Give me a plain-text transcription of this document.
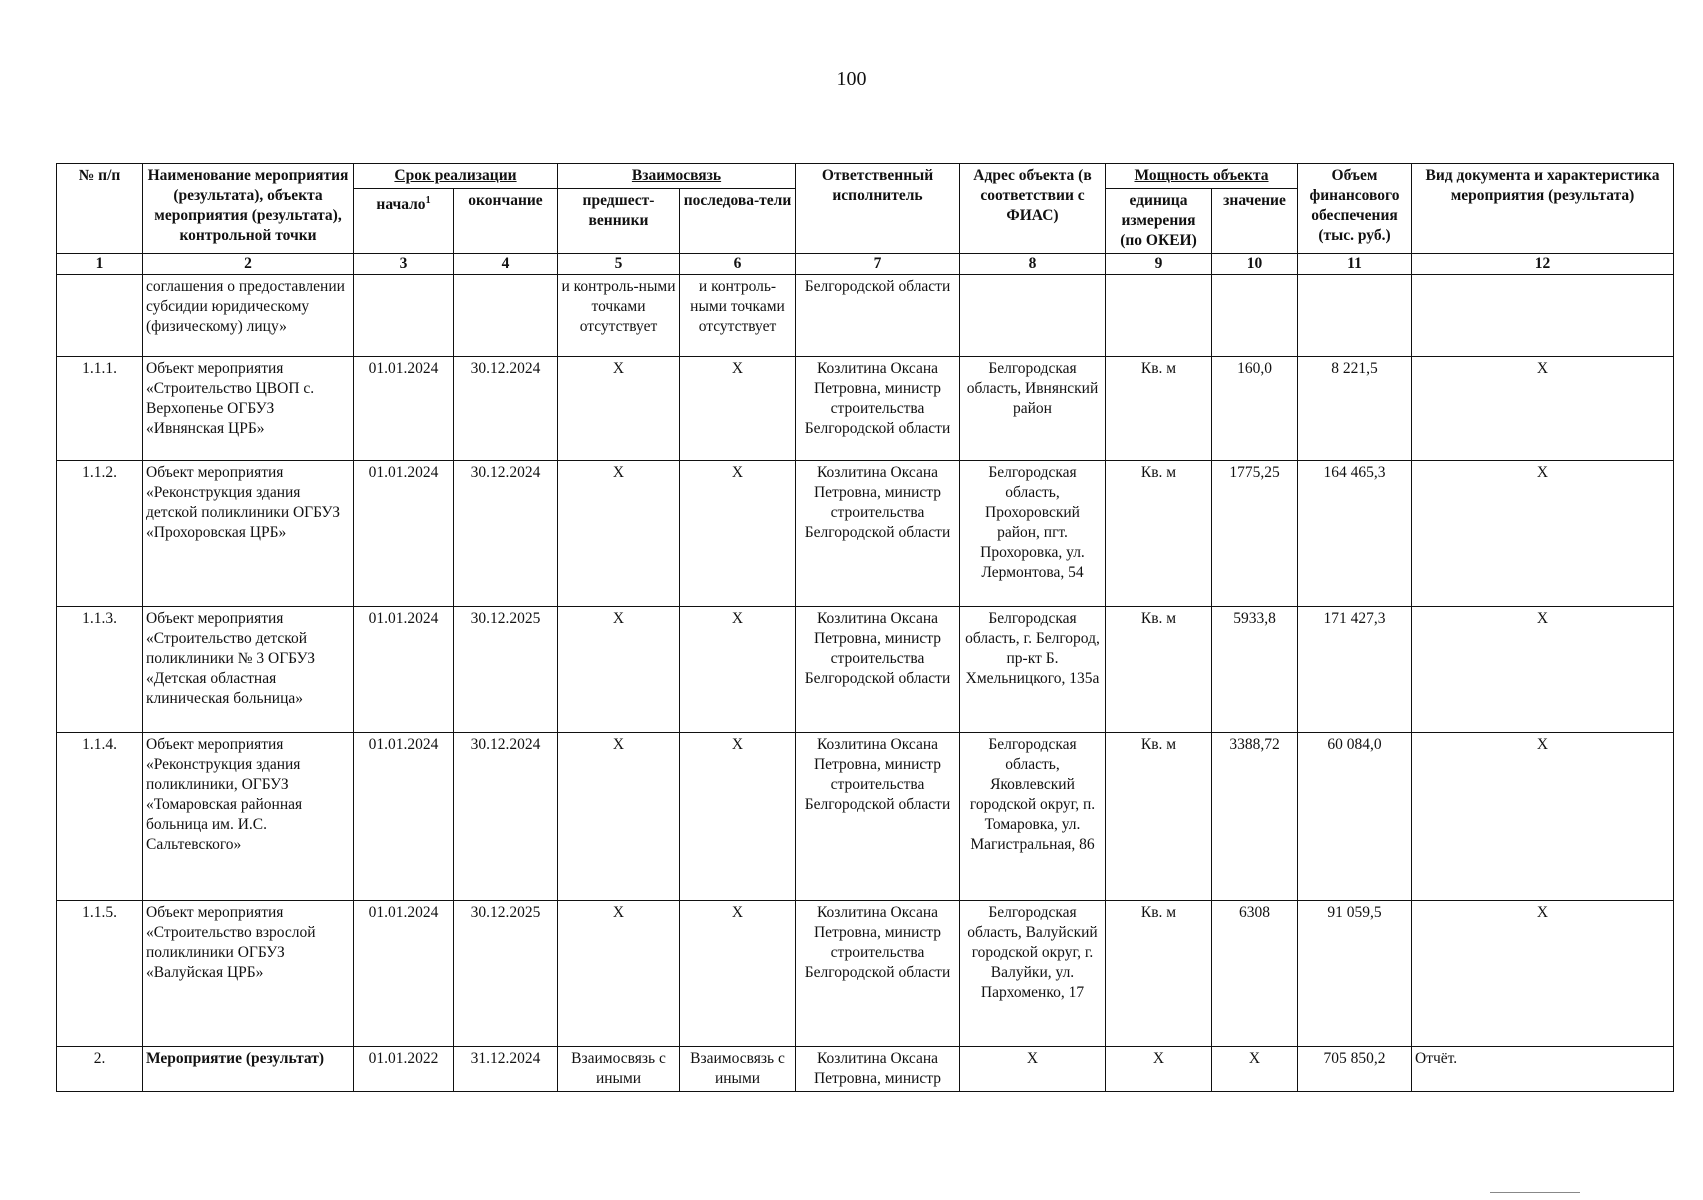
100
№ п/п	Наименование мероприятия (результата), объекта мероприятия (результата), контрольной точки	Срок реализации		Взаимосвязь		Ответственный исполнитель	Адрес объекта (в соответствии с ФИАС)	Мощность объекта		Объем финансового обеспечения (тыс. руб.)	Вид документа и характеристика мероприятия (результата)
		начало$^1$	окончание	предшест-венники	последова-тели			единица измерения (по ОКЕИ)	значение		
1	2	3	4	5	6	7	8	9	10	11	12
	соглашения о предоставлении субсидии юридическому (физическому) лицу»			и контроль-ными точками отсутствует	и контроль-ными точками отсутствует	Белгородской области					
1.1.1.	Объект мероприятия «Строительство ЦВОП с. Верхопенье ОГБУЗ «Ивнянская ЦРБ»	01.01.2024	30.12.2024	Х	Х	Козлитина Оксана Петровна, министр строительства Белгородской области	Белгородская область, Ивнянский район	Кв. м	160,0	8 221,5	Х
1.1.2.	Объект мероприятия «Реконструкция здания детской поликлиники ОГБУЗ «Прохоровская ЦРБ»	01.01.2024	30.12.2024	Х	Х	Козлитина Оксана Петровна, министр строительства Белгородской области	Белгородская область, Прохоровский район, пгт. Прохоровка, ул. Лермонтова, 54	Кв. м	1775,25	164 465,3	Х
1.1.3.	Объект мероприятия «Строительство детской поликлиники № 3 ОГБУЗ «Детская областная клиническая больница»	01.01.2024	30.12.2025	Х	Х	Козлитина Оксана Петровна, министр строительства Белгородской области	Белгородская область, г. Белгород, пр-кт Б. Хмельницкого, 135а	Кв. м	5933,8	171 427,3	Х
1.1.4.	Объект мероприятия «Реконструкция здания поликлиники, ОГБУЗ «Томаровская районная больница им. И.С. Сальтевского»	01.01.2024	30.12.2024	Х	Х	Козлитина Оксана Петровна, министр строительства Белгородской области	Белгородская область, Яковлевский городской округ, п. Томаровка, ул. Магистральная, 86	Кв. м	3388,72	60 084,0	Х
1.1.5.	Объект мероприятия «Строительство взрослой поликлиники ОГБУЗ «Валуйская ЦРБ»	01.01.2024	30.12.2025	Х	Х	Козлитина Оксана Петровна, министр строительства Белгородской области	Белгородская область, Валуйский городской округ, г. Валуйки, ул. Пархоменко, 17	Кв. м	6308	91 059,5	Х
2.	Мероприятие (результат)	01.01.2022	31.12.2024	Взаимосвязь с иными	Взаимосвязь с иными	Козлитина Оксана Петровна, министр	Х	Х	Х	705 850,2	Отчёт.
